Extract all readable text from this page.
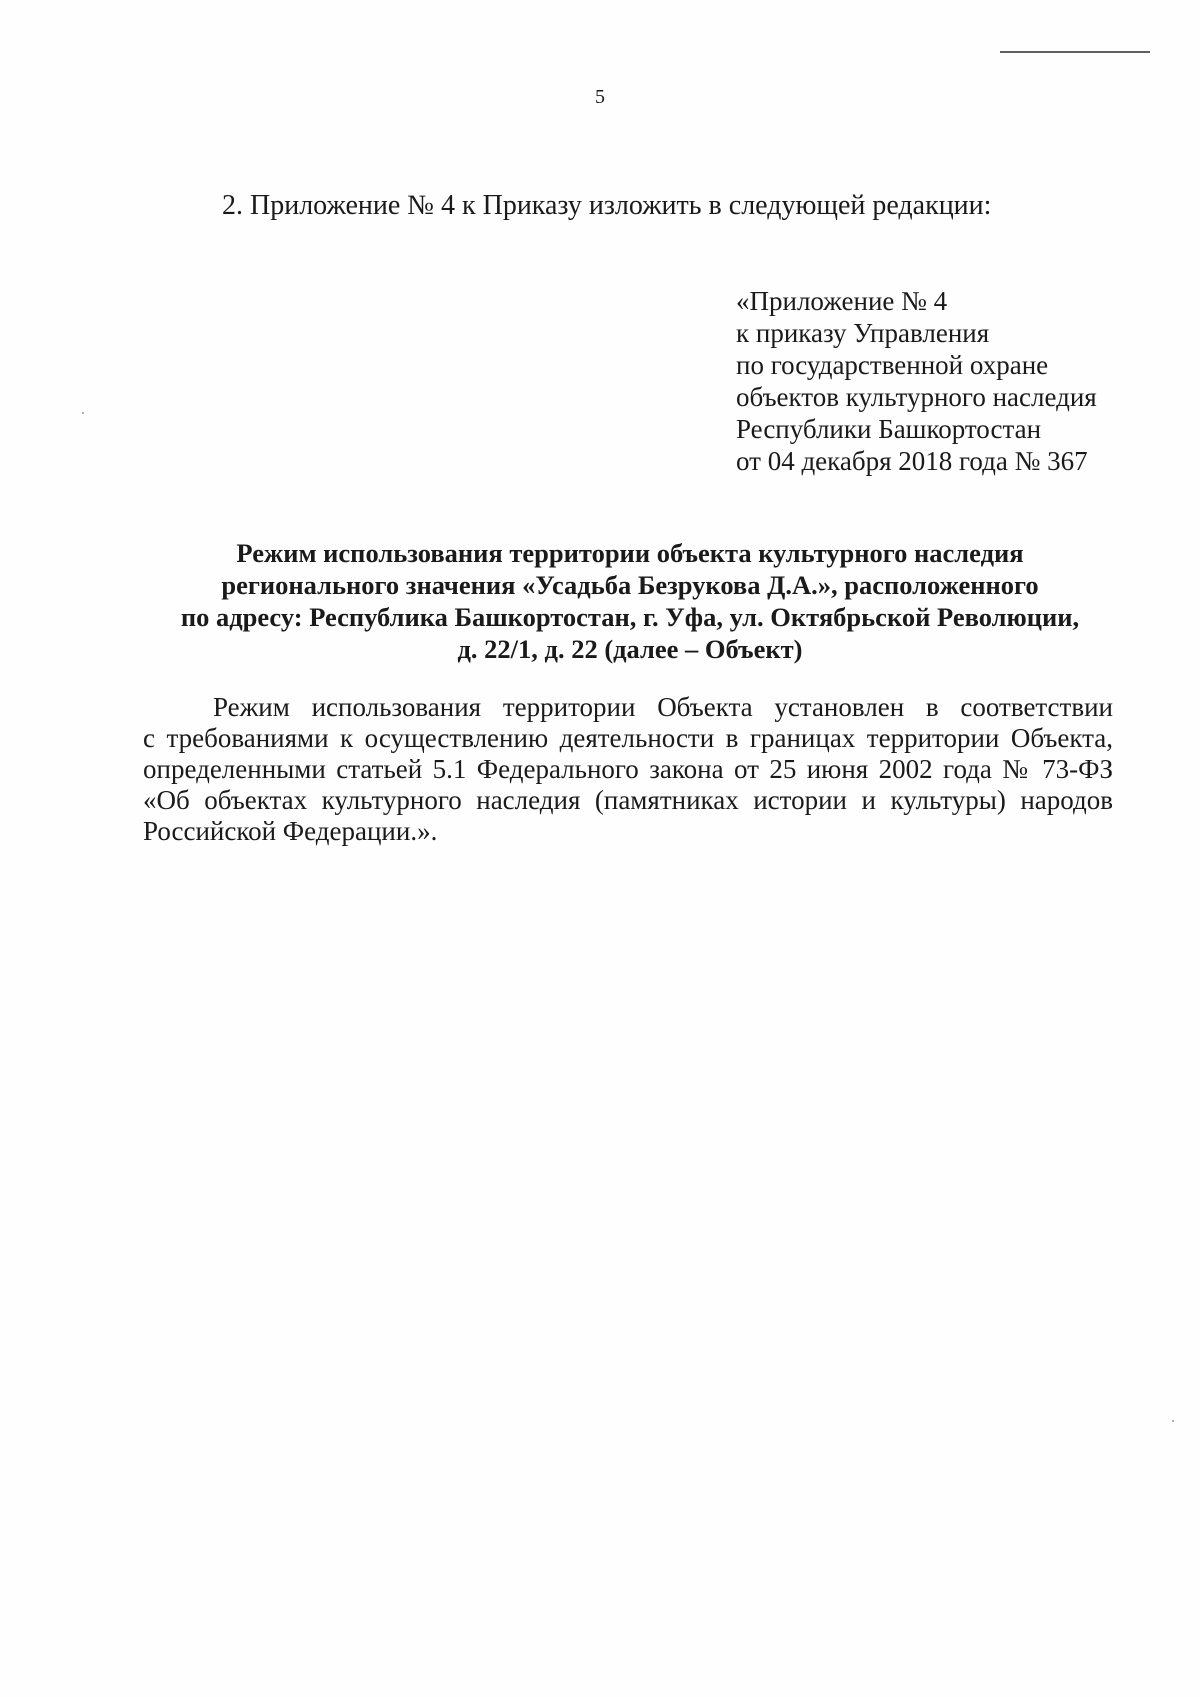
5
2. Приложение № 4 к Приказу изложить в следующей редакции:
«Приложение № 4
к приказу Управления
по государственной охране
объектов культурного наследия
Республики Башкортостан
от 04 декабря 2018 года № 367
Режим использования территории объекта культурного наследия
регионального значения «Усадьба Безрукова Д.А.», расположенного
по адресу: Республика Башкортостан, г. Уфа, ул. Октябрьской Революции,
д. 22/1, д. 22 (далее – Объект)
Режим использования территории Объекта установлен в соответствии
с требованиями к осуществлению деятельности в границах территории Объекта,
определенными статьей 5.1 Федерального закона от 25 июня 2002 года № 73-ФЗ
«Об объектах культурного наследия (памятниках истории и культуры) народов
Российской Федерации.».
